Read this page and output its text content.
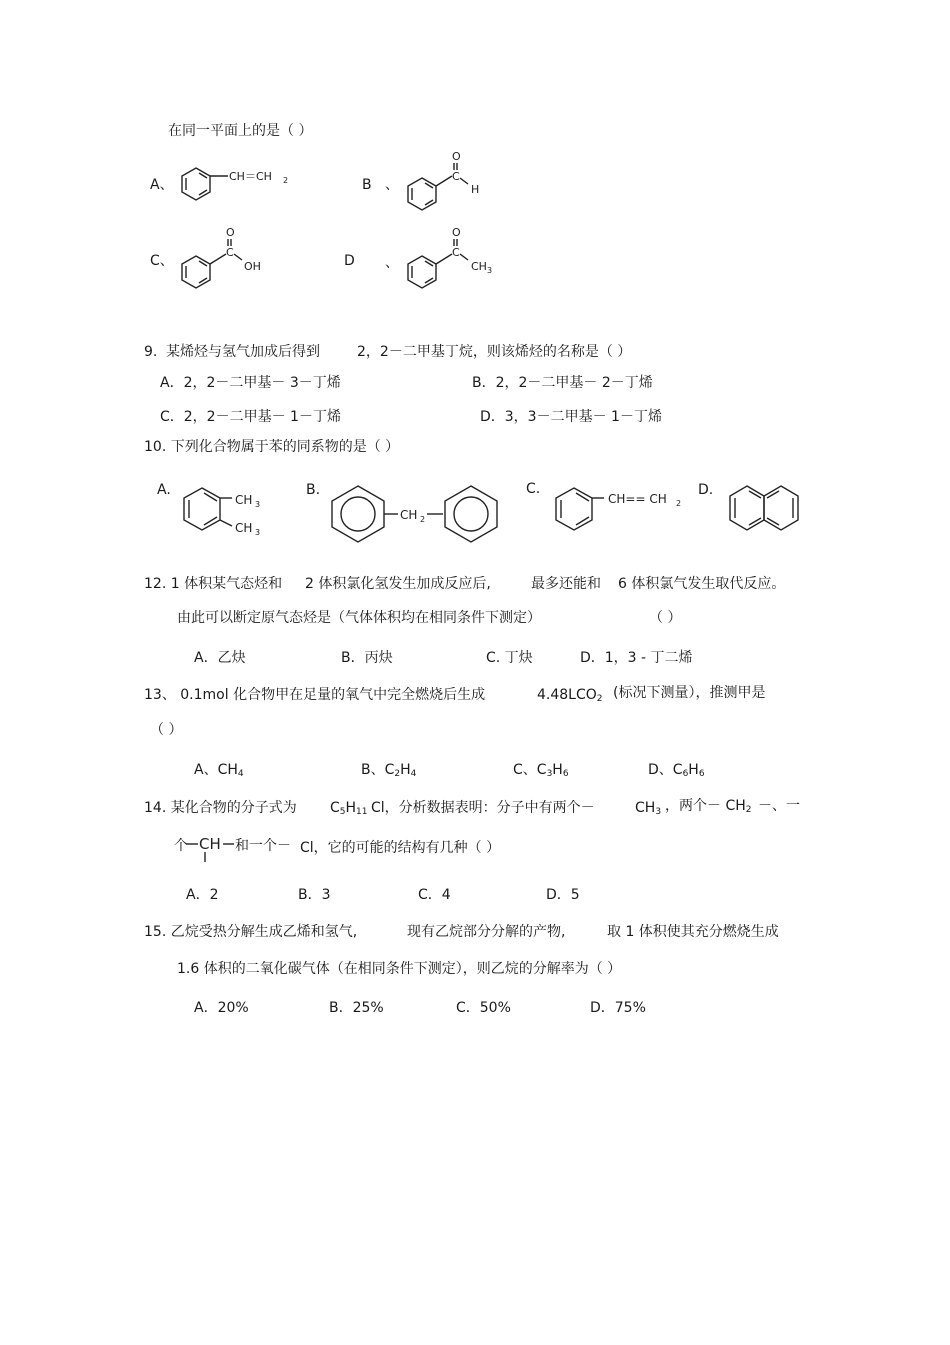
在同一平面上的是（ ）
A、
CH＝CH 2	B 、
O
C
H
C、
O
C
OH	D 、
O
C
CH 3
9. 某烯烃与氢气加成后得到	2，2－二甲基丁烷，则该烯烃的名称是（ ）
A．2，2－二甲基－ 3－丁烯	B．2，2－二甲基－ 2－丁烯
C．2，2－二甲基－ 1－丁烯	D．3，3－二甲基－ 1－丁烯
10. 下列化合物属于苯的同系物的是（ ）
A.
CH 3
CH 3
B.
CH 2
C.
CH== CH 2
D.
12. 1 体积某气态烃和 2 体积氯化氢发生加成反应后,	最多还能和 6 体积氯气发生取代反应。
由此可以断定原气态烃是（气体体积均在相同条件下测定）	（ ）
A．乙炔	B．丙炔	C. 丁炔	D．1，3 - 丁二烯
13、 0.1mol 化合物甲在足量的氧气中完全燃烧后生成	$4.48LCO_2$ (标况下测量），推测甲是
（ ）
A、$CH_4$	B、$C_2H_4$	C、$C_3H_6$	D、$C_6H_6$
14. 某化合物的分子式为 $C_5H_{11}$ Cl，分析数据表明：分子中有两个－	$CH_3$ ，两个－ $CH_2$ －、一
个 CH 和一个－ Cl，它的可能的结构有几种（ ）
A．2	B．3	C．4	D．5
15. 乙烷受热分解生成乙烯和氢气,	现有乙烷部分分解的产物,	取 1 体积使其充分燃烧生成
1.6 体积的二氧化碳气体（在相同条件下测定），则乙烷的分解率为（ ）
A．20%	B．25%	C．50%	D．75%
